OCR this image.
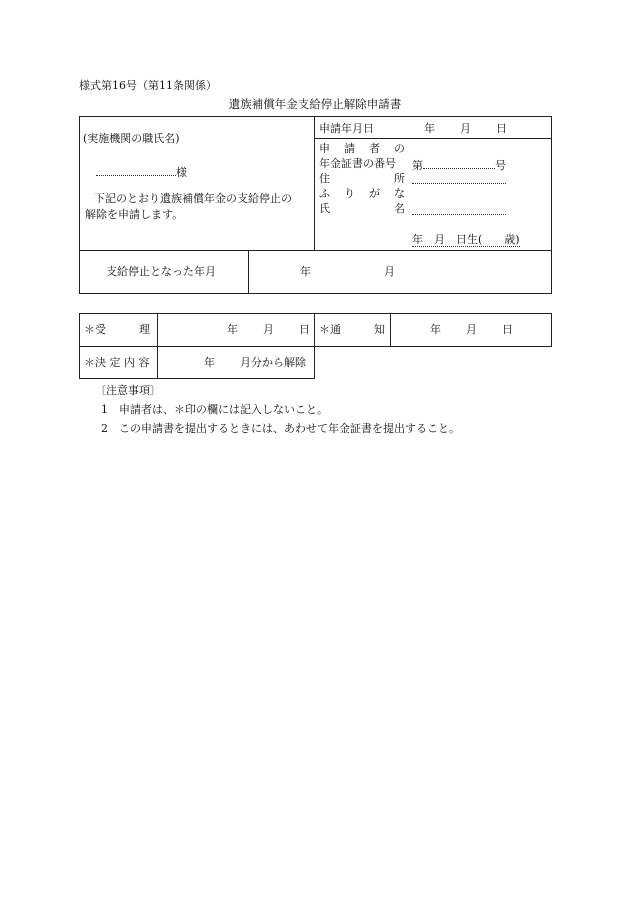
様式第16号（第11条関係）
遺族補償年金支給停止解除申請書
(実施機関の職氏名)
様
下記のとおり遺族補償年金の支給停止の
解除を申請します。
申請年月日	年 月 日
申 請 者 の
年金証書の番号 第	号
住	所
ふ り が な
氏	名
年　月　日生(　　歳)
支給停止となった年月	年	月
＊受　　　理	年 月 日 ＊通　　　知	年 月 日
＊決 定 内 容	年 月分から解除
〔注意事項〕
1　申請者は、＊印の欄には記入しないこと。
2　この申請書を提出するときには、あわせて年金証書を提出すること。
